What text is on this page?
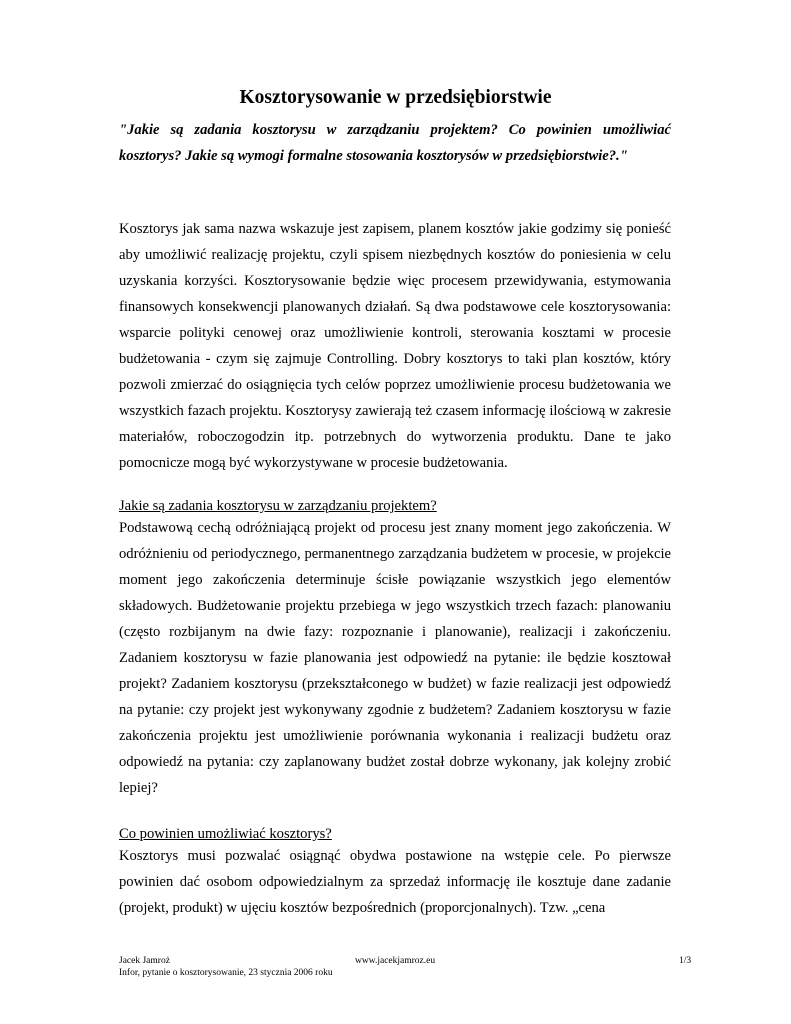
Kosztorysowanie w przedsiębiorstwie
"Jakie są zadania kosztorysu w zarządzaniu projektem? Co powinien umożliwiać kosztorys? Jakie są wymogi formalne stosowania kosztorysów w przedsiębiorstwie?."
Kosztorys jak sama nazwa wskazuje jest zapisem, planem kosztów jakie godzimy się ponieść aby umożliwić realizację projektu, czyli spisem niezbędnych kosztów do poniesienia w celu uzyskania korzyści. Kosztorysowanie będzie więc procesem przewidywania, estymowania finansowych konsekwencji planowanych działań. Są dwa podstawowe cele kosztorysowania: wsparcie polityki cenowej oraz umożliwienie kontroli, sterowania kosztami w procesie budżetowania - czym się zajmuje Controlling. Dobry kosztorys to taki plan kosztów, który pozwoli zmierzać do osiągnięcia tych celów poprzez umożliwienie procesu budżetowania we wszystkich fazach projektu. Kosztorysy zawierają też czasem informację ilościową w zakresie materiałów, roboczogodzin itp. potrzebnych do wytworzenia produktu. Dane te jako pomocnicze mogą być wykorzystywane w procesie budżetowania.
Jakie są zadania kosztorysu w zarządzaniu projektem?
Podstawową cechą odróżniającą projekt od procesu jest znany moment jego zakończenia. W odróżnieniu od periodycznego, permanentnego zarządzania budżetem w procesie, w projekcie moment jego zakończenia determinuje ścisłe powiązanie wszystkich jego elementów składowych. Budżetowanie projektu przebiega w jego wszystkich trzech fazach: planowaniu (często rozbijanym na dwie fazy: rozpoznanie i planowanie), realizacji i zakończeniu. Zadaniem kosztorysu w fazie planowania jest odpowiedź na pytanie: ile będzie kosztował projekt? Zadaniem kosztorysu (przekształconego w budżet) w fazie realizacji jest odpowiedź na pytanie: czy projekt jest wykonywany zgodnie z budżetem? Zadaniem kosztorysu w fazie zakończenia projektu jest umożliwienie porównania wykonania i realizacji budżetu oraz odpowiedź na pytania: czy zaplanowany budżet został dobrze wykonany, jak kolejny zrobić lepiej?
Co powinien umożliwiać kosztorys?
Kosztorys musi pozwalać osiągnąć obydwa postawione na wstępie cele. Po pierwsze powinien dać osobom odpowiedzialnym za sprzedaż informację ile kosztuje dane zadanie (projekt, produkt) w ujęciu kosztów bezpośrednich (proporcjonalnych). Tzw. „cena
Jacek Jamroż
Infor, pytanie o kosztorysowanie, 23 stycznia 2006 roku
www.jacekjamroz.eu	1/3
